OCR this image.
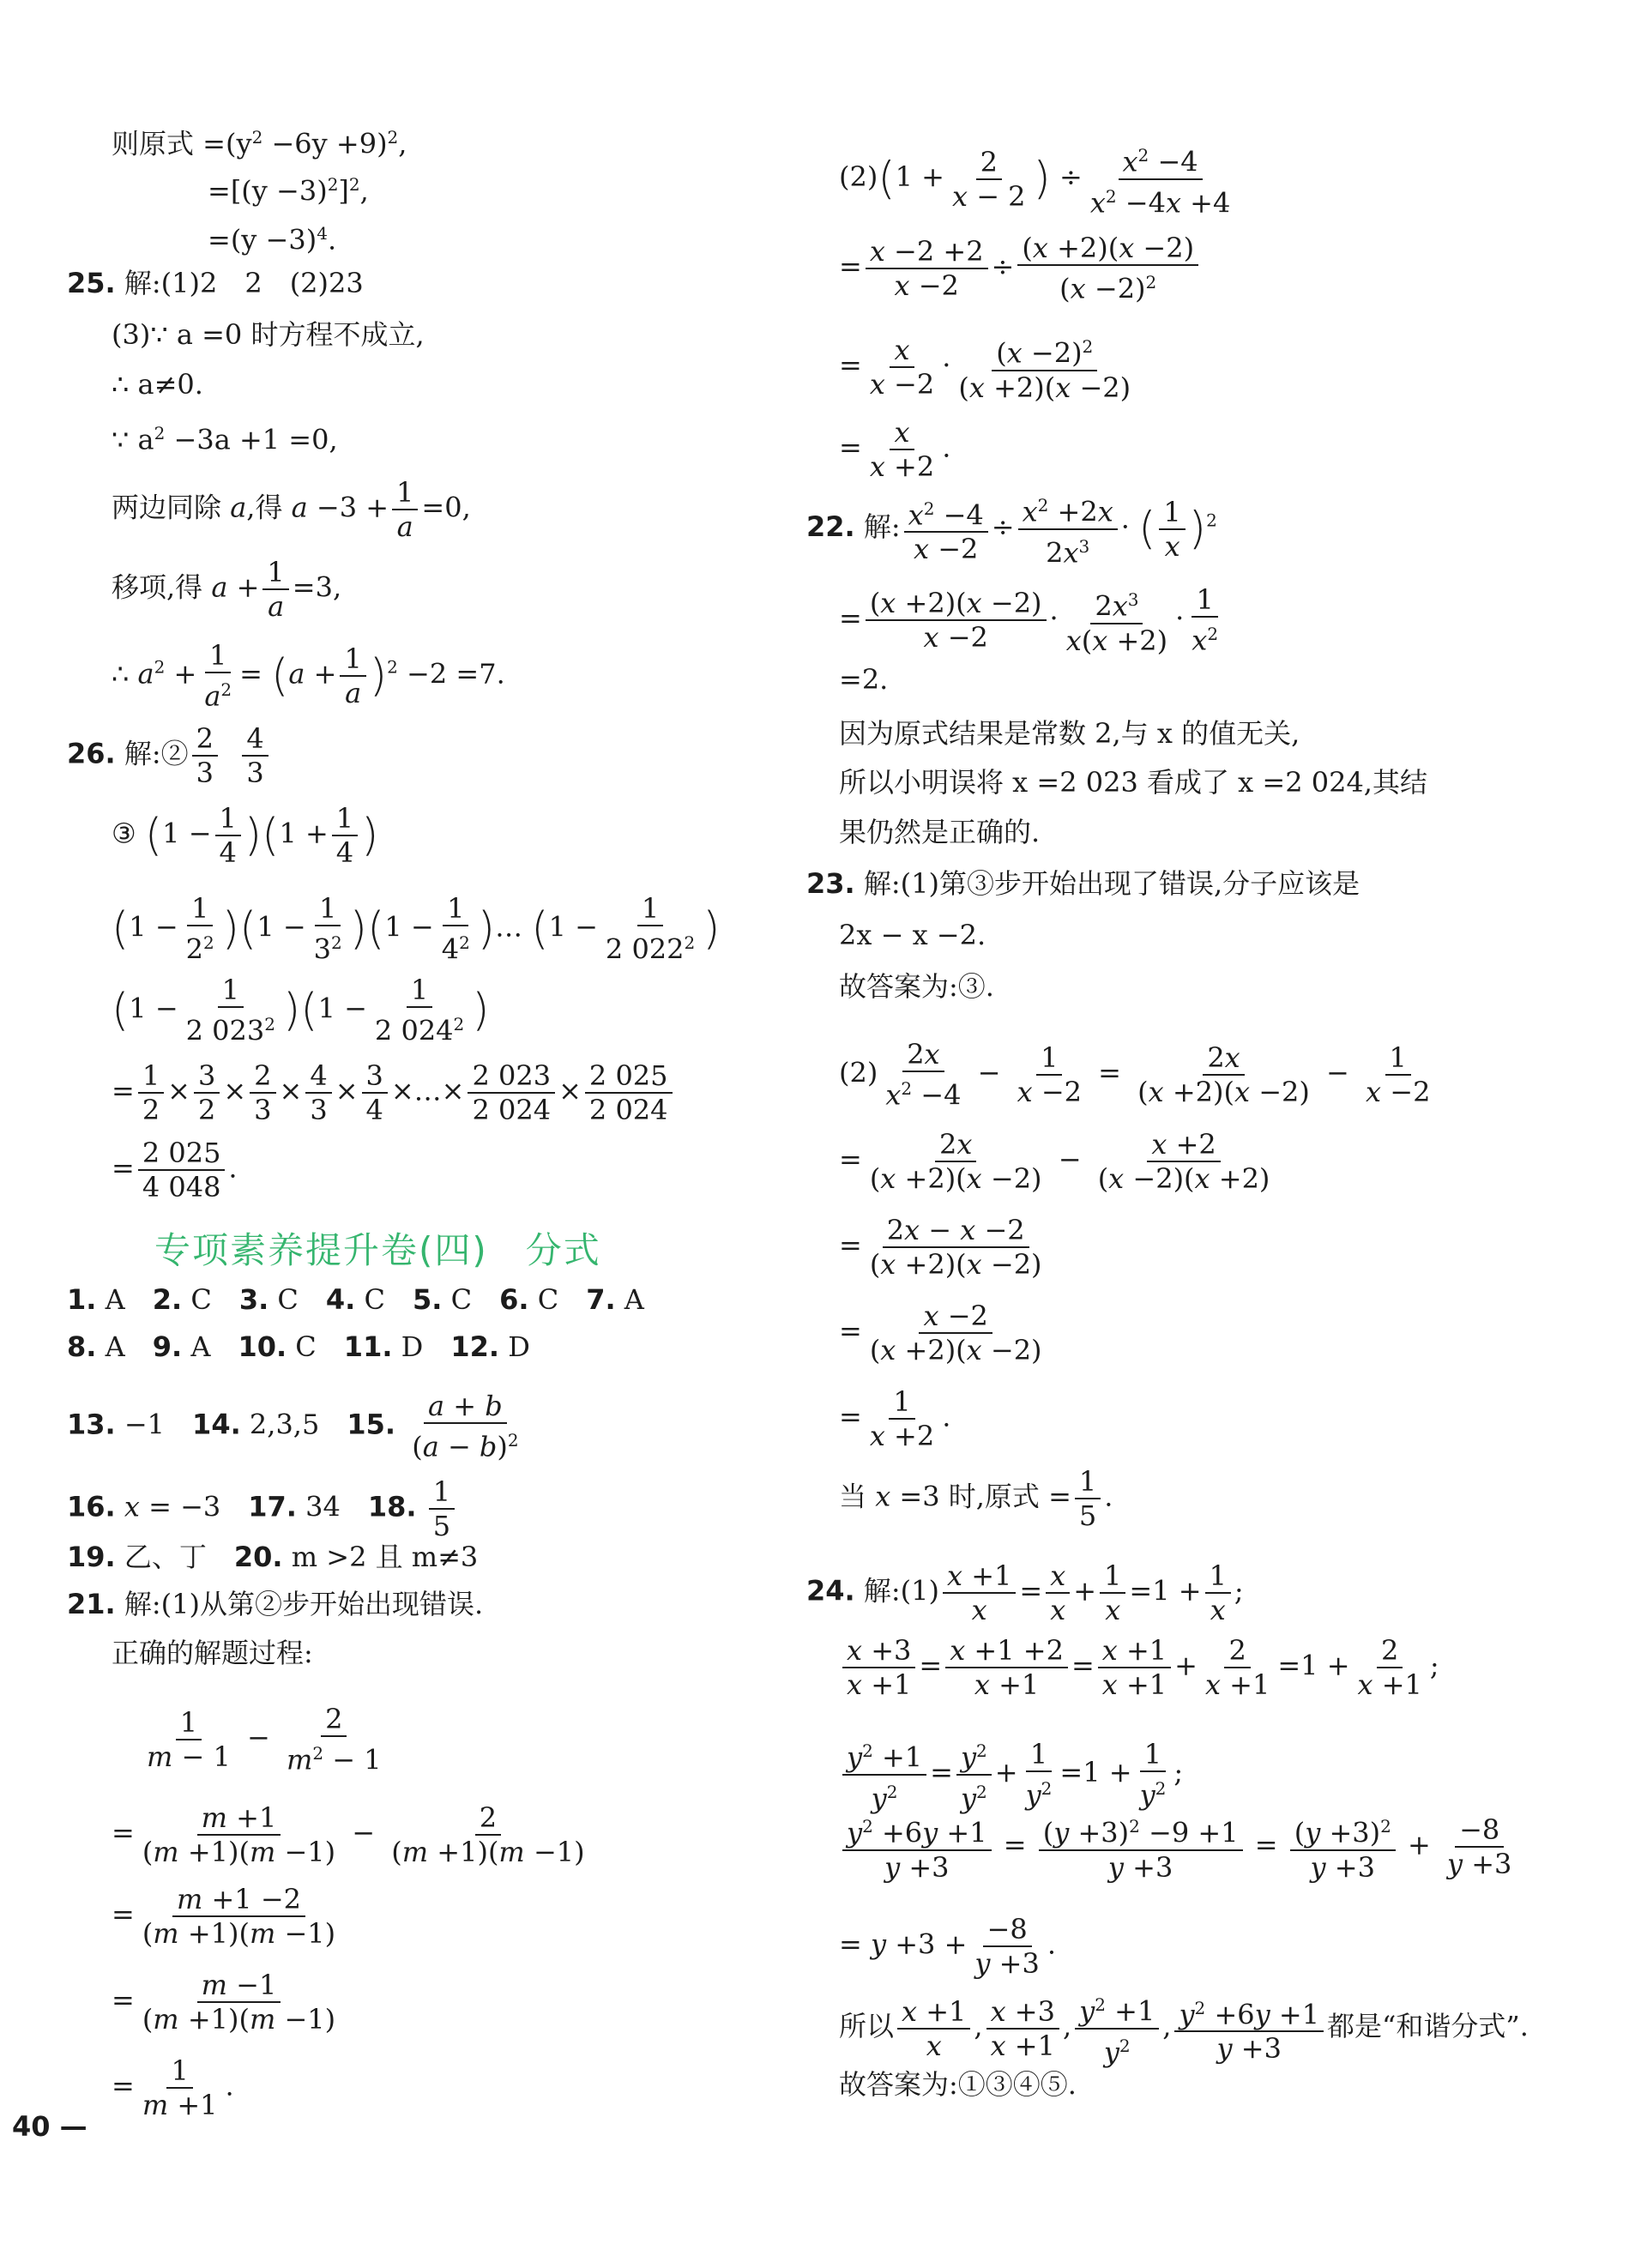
则原式 $=(y^2 -6y +9)^2$,
$=[(y -3)^2]^2$,
$=(y -3)^4$.
25. 解:(1)2　2　(2)23
(3)∵ a =0 时方程不成立,
∴ a≠0.
∵ $a^2 -3a +1 =0$,
两边同除 a,得 $a -3 + \frac{1}{a} =0$,
移项,得 $a + \frac{1}{a} =3$,
∴ $a^2 + \frac{1}{a^2} = (a + \frac{1}{a} )^2 -2 =7$.
26. 解:② $\frac{2}{3}$
$\frac{4}{3}$
③ $(1 - \frac{1}{4} )(1 + \frac{1}{4}$ )
$(1 - \frac{1}{2^2} )(1 - \frac{1}{3^2} )(1 - \frac{1}{4^2}$ )… ($1 - \frac{1}{2 022^2}$ )
$(1 - \frac{1}{2 023^2} )(1 - \frac{1}{2 024^2}$ )
= $\frac{1}{2} \times \frac{3}{2} \times \frac{2}{3} \times \frac{4}{3} \times \frac{3}{4}$ ×…× $\frac{2 023}{2 024} \times \frac{2 025}{2 024}$
= $\frac{2 025}{4 048}$ .
1. A　2. C　3. C　4. C　5. C　6. C　7. A
8. A　9. A　10. C　11. D　12. D
13. −1　14. 2,3,5　15. $\frac{a + b}{(a - b)^2}$
16. x = −3　17. 34　18. $\frac{1}{5}$
19. 乙、丁　20. m >2 且 m≠3
21. 解:(1)从第②步开始出现错误.
正确的解题过程:
$\frac{1}{m - 1} - \frac{2}{m^2 - 1}$
= $\frac{m +1}{(m +1)(m -1)} - \frac{2}{(m +1)(m -1)}$
= $\frac{m +1 -2}{(m +1)(m -1)}$
= $\frac{m -1}{(m +1)(m -1)}$
= $\frac{1}{m +1}$ .
$(2)(1 + \frac{2}{x - 2}$ ) ÷ $\frac{x^2 -4}{x^2 -4x +4}$
= $\frac{x -2 +2}{x -2} \div \frac{(x +2)(x -2)}{(x -2)^2}$
= $\frac{x}{x -2} \cdot \frac{(x -2)^2}{(x +2)(x -2)}$
= $\frac{x}{x +2}$ .
22. 解: $\frac{x^2 -4}{x -2} \div \frac{x^2 +2x}{2x^3}$ · ( $\frac{1}{x} )^2$
= $\frac{(x +2)(x -2)}{x -2} \cdot \frac{2x^3}{x(x +2)} \cdot \frac{1}{x^2}$
=2.
因为原式结果是常数 2,与 x 的值无关,
所以小明误将 x =2 023 看成了 x =2 024,其结
果仍然是正确的.
23. 解:(1)第③步开始出现了错误,分子应该是
2x − x −2.
故答案为:③.
$(2) \frac{2x}{x^2 -4} - \frac{1}{x -2} = \frac{2x}{(x +2)(x -2)} - \frac{1}{x -2}$
= $\frac{2x}{(x +2)(x -2)} - \frac{x +2}{(x -2)(x +2)}$
= $\frac{2x - x -2}{(x +2)(x -2)}$
= $\frac{x -2}{(x +2)(x -2)}$
= $\frac{1}{x +2}$ .
当 x =3 时,原式 = $\frac{1}{5}$ .
24. 解:(1) $\frac{x +1}{x} = \frac{x}{x} + \frac{1}{x} =1 + \frac{1}{x}$ ;
$\frac{x +3}{x +1} = \frac{x +1 +2}{x +1} = \frac{x +1}{x +1} + \frac{2}{x +1} =1 + \frac{2}{x +1}$ ;
$\frac{y^2 +1}{y^2} = \frac{y^2}{y^2} + \frac{1}{y^2} =1 + \frac{1}{y^2}$ ;
$\frac{y^2 +6y +1}{y +3} = \frac{(y +3)^2 -9 +1}{y +3} = \frac{(y +3)^2}{y +3} + \frac{-8}{y +3}$
= $y +3 + \frac{-8}{y +3}$ .
所以 $\frac{x +1}{x}$ , $\frac{x +3}{x +1}$ , $\frac{y^2 +1}{y^2}$ , $\frac{y^2 +6y +1}{y +3}$ 都是“和谐分式”.
故答案为:①③④⑤.
专项素养提升卷(四)　分式
40 —
